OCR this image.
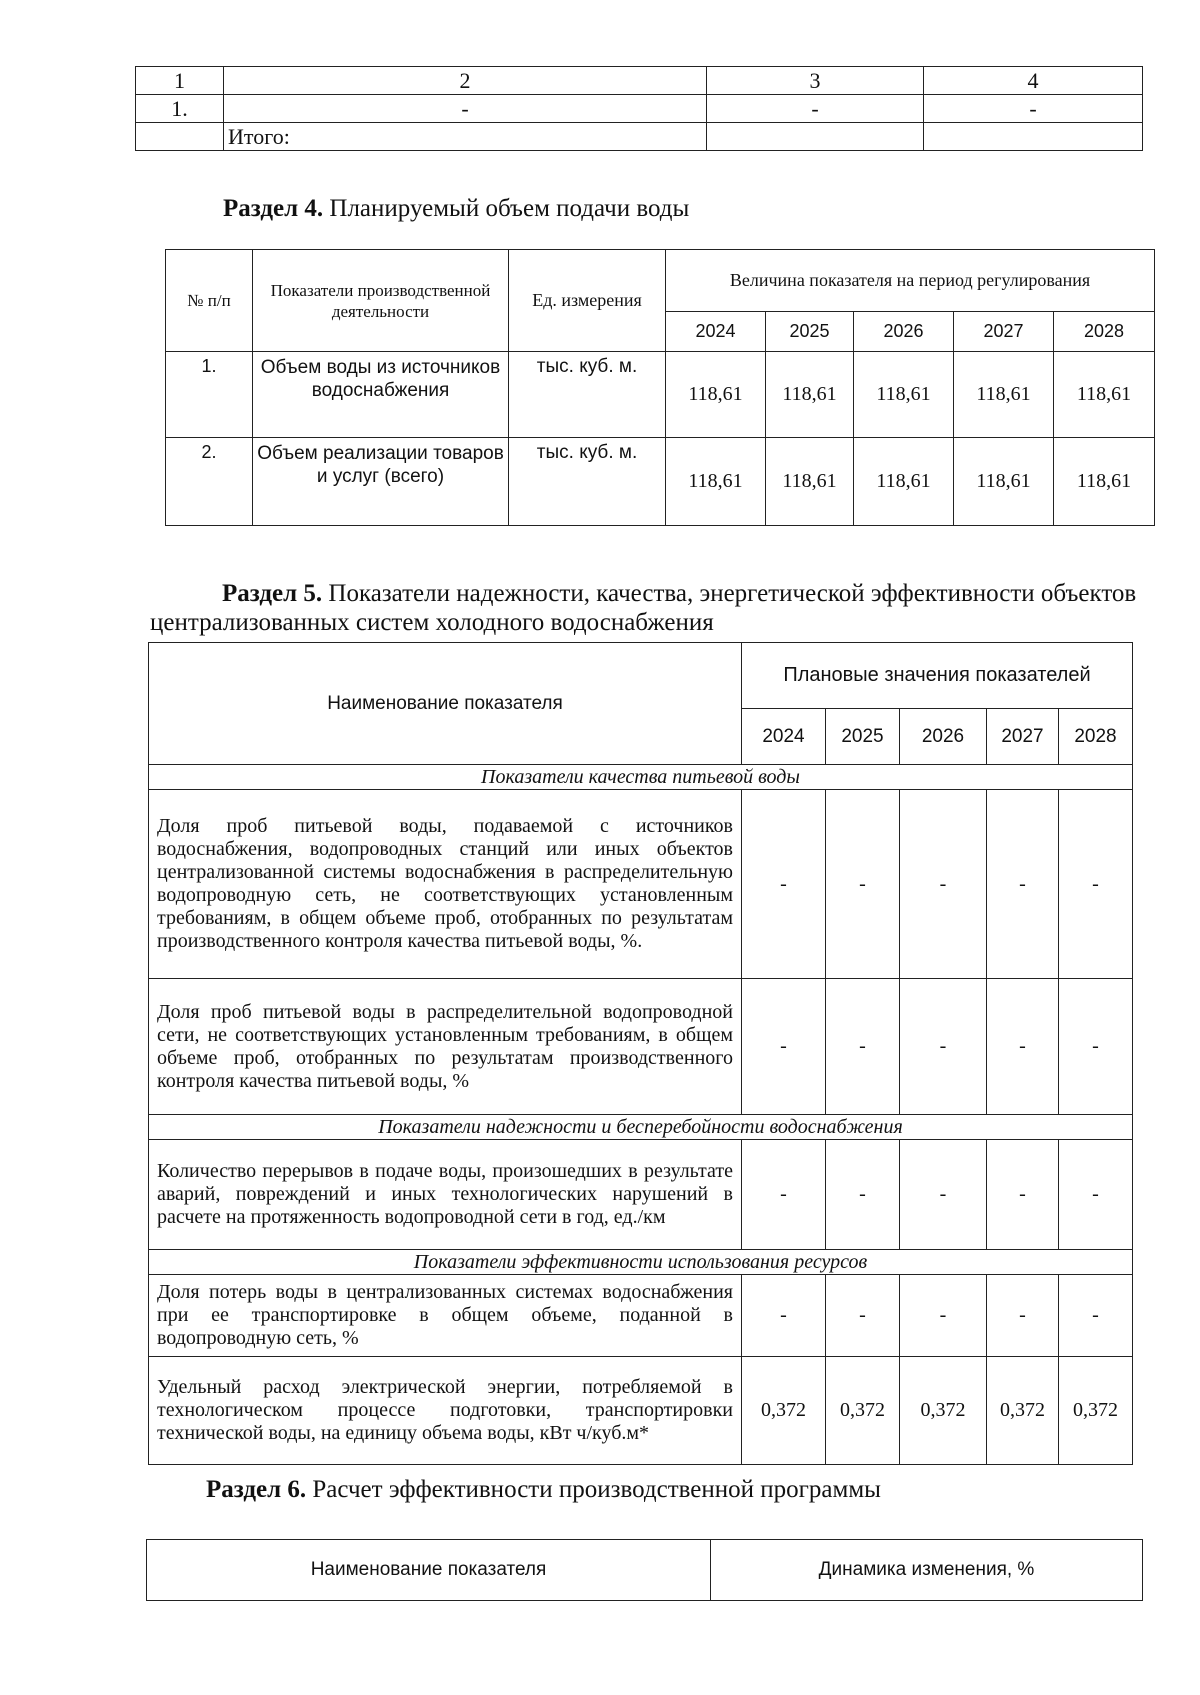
1	2	3	4
1.	-	-	-
	Итого:		
Раздел 4. Планируемый объем подачи воды
№ п/п	Показатели производственной деятельности	Ед. измерения	Величина показателя на период регулирования				
			2024	2025	2026	2027	2028
1.	Объем воды из источников водоснабжения	тыс. куб. м.	118,61	118,61	118,61	118,61	118,61
2.	Объем реализации товаров и услуг (всего)	тыс. куб. м.	118,61	118,61	118,61	118,61	118,61
Раздел 5. Показатели надежности, качества, энергетической эффективности объектов
централизованных систем холодного водоснабжения
Наименование показателя	Плановые значения показателей				
	2024	2025	2026	2027	2028
Показатели качества питьевой воды					
Доля проб питьевой воды, подаваемой с источников водоснабжения, водопроводных станций или иных объектов централизованной системы водоснабжения в распределительную водопроводную сеть, не соответствующих установленным требованиям, в общем объеме проб, отобранных по результатам производственного контроля качества питьевой воды, %.	-	-	-	-	-
Доля проб питьевой воды в распределительной водопроводной сети, не соответствующих установленным требованиям, в общем объеме проб, отобранных по результатам производственного контроля качества питьевой воды, %	-	-	-	-	-
Показатели надежности и бесперебойности водоснабжения					
Количество перерывов в подаче воды, произошедших в результате аварий, повреждений и иных технологических нарушений в расчете на протяженность водопроводной сети в год, ед./км	-	-	-	-	-
Показатели эффективности использования ресурсов					
Доля потерь воды в централизованных системах водоснабжения при ее транспортировке в общем объеме, поданной в водопроводную сеть, %	-	-	-	-	-
Удельный расход электрической энергии, потребляемой в технологическом процессе подготовки, транспортировки технической воды, на единицу объема воды, кВт ч/куб.м*	0,372	0,372	0,372	0,372	0,372
Раздел 6. Расчет эффективности производственной программы
Наименование показателя	Динамика изменения, %
